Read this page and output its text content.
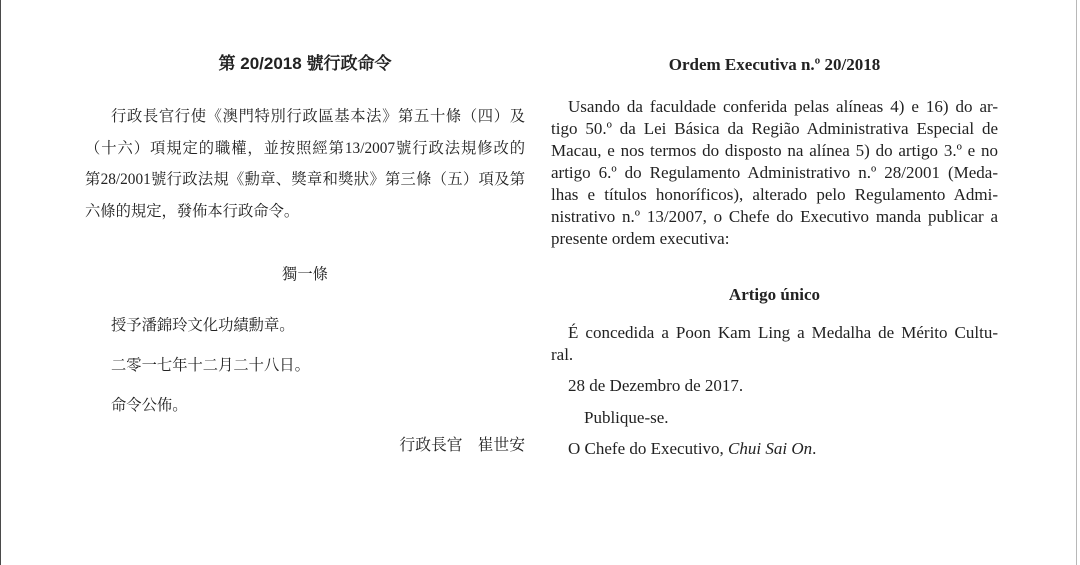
第 20/2018 號行政命令
行政長官行使《澳門特別行政區基本法》第五十條（四）及
（十六）項規定的職權，並按照經第13/2007號行政法規修改的
第28/2001號行政法規《勳章、獎章和獎狀》第三條（五）項及第
六條的規定，發佈本行政命令。
獨一條
授予潘錦玲文化功績勳章。
二零一七年十二月二十八日。
命令公佈。
行政長官 崔世安
Ordem Executiva n.º 20/2018
Usando da faculdade conferida pelas alíneas 4) e 16) do ar-
tigo 50.º da Lei Básica da Região Administrativa Especial de
Macau, e nos termos do disposto na alínea 5) do artigo 3.º e no
artigo 6.º do Regulamento Administrativo n.º 28/2001 (Meda-
lhas e títulos honoríficos), alterado pelo Regulamento Admi-
nistrativo n.º 13/2007, o Chefe do Executivo manda publicar a
presente ordem executiva:
Artigo único
É concedida a Poon Kam Ling a Medalha de Mérito Cultu-
ral.
28 de Dezembro de 2017.
Publique-se.
O Chefe do Executivo, Chui Sai On.
